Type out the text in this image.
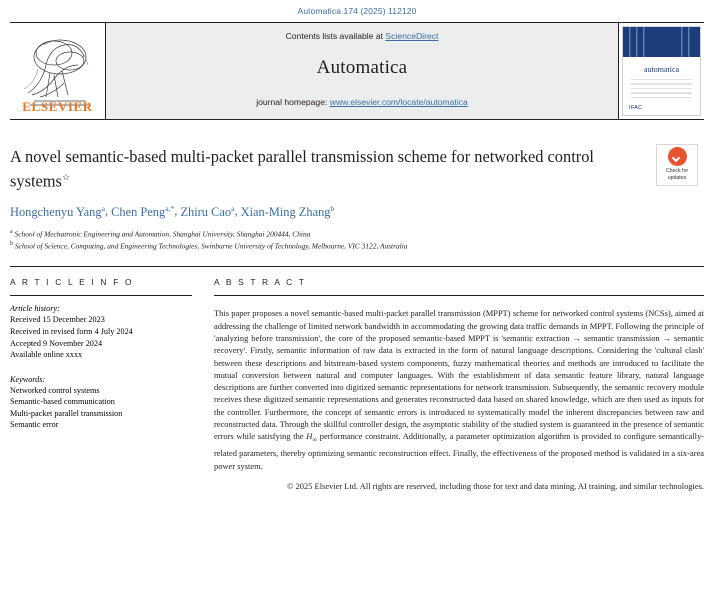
Automatica 174 (2025) 112120
ELSEVIER
Contents lists available at ScienceDirect
Automatica
journal homepage: www.elsevier.com/locate/automatica
automatica
IFAC
A novel semantic-based multi-packet parallel transmission scheme for networked control systems☆
Check for
updates
Hongchenyu Yang$^a$, Chen Peng$^{a,*}$, Zhiru Cao$^a$, Xian-Ming Zhang$^b$
$^a$ School of Mechatronic Engineering and Automation, Shanghai University, Shanghai 200444, China
$^b$ School of Science, Computing, and Engineering Technologies, Swinburne University of Technology, Melbourne, VIC 3122, Australia
A R T I C L E I N F O
Article history:
Received 15 December 2023
Received in revised form 4 July 2024
Accepted 9 November 2024
Available online xxxx
Keywords:
Networked control systems
Semantic-based communication
Multi-packet parallel transmission
Semantic error
A B S T R A C T
This paper proposes a novel semantic-based multi-packet parallel transmission (MPPT) scheme for networked control systems (NCSs), aimed at addressing the challenge of limited network bandwidth in accommodating the growing data traffic demands in MPPT. Following the principle of 'analyzing before transmission', the core of the proposed semantic-based MPPT is 'semantic extraction → semantic transmission → semantic recovery'. Firstly, semantic information of raw data is extracted in the form of natural language descriptions. Considering the 'cultural clash' between these descriptions and bitstream-based system components, fuzzy mathematical theories and methods are introduced to facilitate the mutual conversion between natural and computer languages. With the establishment of data semantic feature library, natural language descriptions are further converted into digitized semantic representations for network transmission. Subsequently, the semantic recovery module receives these digitized semantic representations and generates reconstructed data based on shared knowledge, which are then used as inputs for the controller. Furthermore, the concept of semantic errors is introduced to systematically model the inherent discrepancies between raw and reconstructed data. Through the skillful controller design, the asymptotic stability of the studied system is guaranteed in the presence of semantic errors while satisfying the $H_\infty$ performance constraint. Additionally, a parameter optimization algorithm is provided to configure semantically-related parameters, thereby optimizing semantic reconstruction effect. Finally, the effectiveness of the proposed method is validated in a six-area power system.
© 2025 Elsevier Ltd. All rights are reserved, including those for text and data mining, AI training, and similar technologies.
